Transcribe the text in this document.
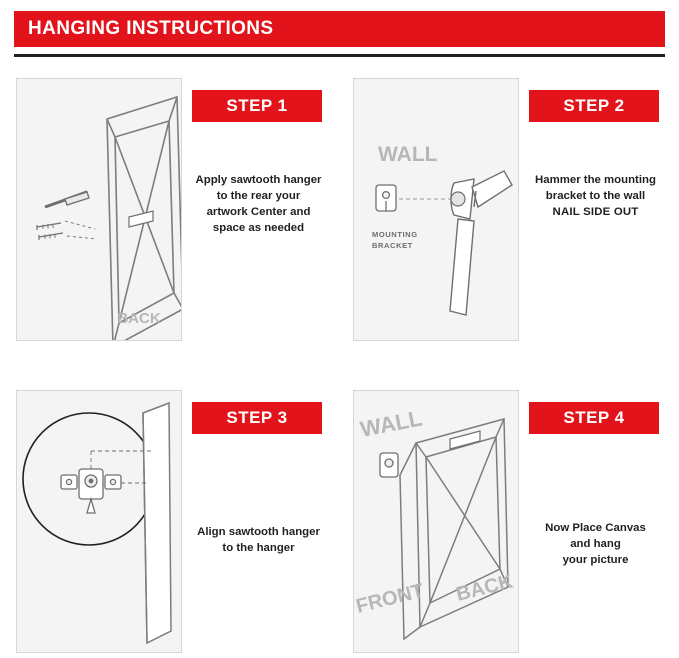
HANGING INSTRUCTIONS
BACK
STEP 1
Apply sawtooth hanger
to the rear your
artwork Center and
space as needed
WALL
MOUNTING
BRACKET
STEP 2
Hammer the mounting
bracket to the wall
NAIL SIDE OUT
STEP 3
Align sawtooth hanger
to the hanger
WALL
FRONT BACK
STEP 4
Now Place Canvas
and hang
your picture
